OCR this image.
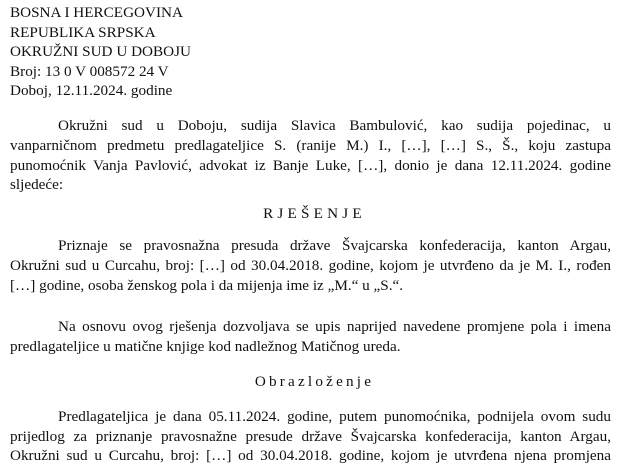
BOSNA I HERCEGOVINA
REPUBLIKA SRPSKA
OKRUŽNI SUD U DOBOJU
Broj: 13 0 V 008572 24 V
Doboj, 12.11.2024. godine
Okružni sud u Doboju, sudija Slavica Bambulović, kao sudija pojedinac, u
vanparničnom predmetu predlagateljice S. (ranije M.) I., […], […] S., Š., koju zastupa
punomoćnik Vanja Pavlović, advokat iz Banje Luke, […], donio je dana 12.11.2024. godine
sljedeće:
RJEŠENJE
Priznaje se pravosnažna presuda države Švajcarska konfederacija, kanton Argau,
Okružni sud u Curcahu, broj: […] od 30.04.2018. godine, kojom je utvrđeno da je M. I., rođen
[…] godine, osoba ženskog pola i da mijenja ime iz „M.“ u „S.“.
Na osnovu ovog rješenja dozvoljava se upis naprijed navedene promjene pola i imena
predlagateljice u matične knjige kod nadležnog Matičnog ureda.
Obrazloženje
Predlagateljica je dana 05.11.2024. godine, putem punomoćnika, podnijela ovom sudu
prijedlog za priznanje pravosnažne presude države Švajcarska konfederacija, kanton Argau,
Okružni sud u Curcahu, broj: […] od 30.04.2018. godine, kojom je utvrđena njena promjena
